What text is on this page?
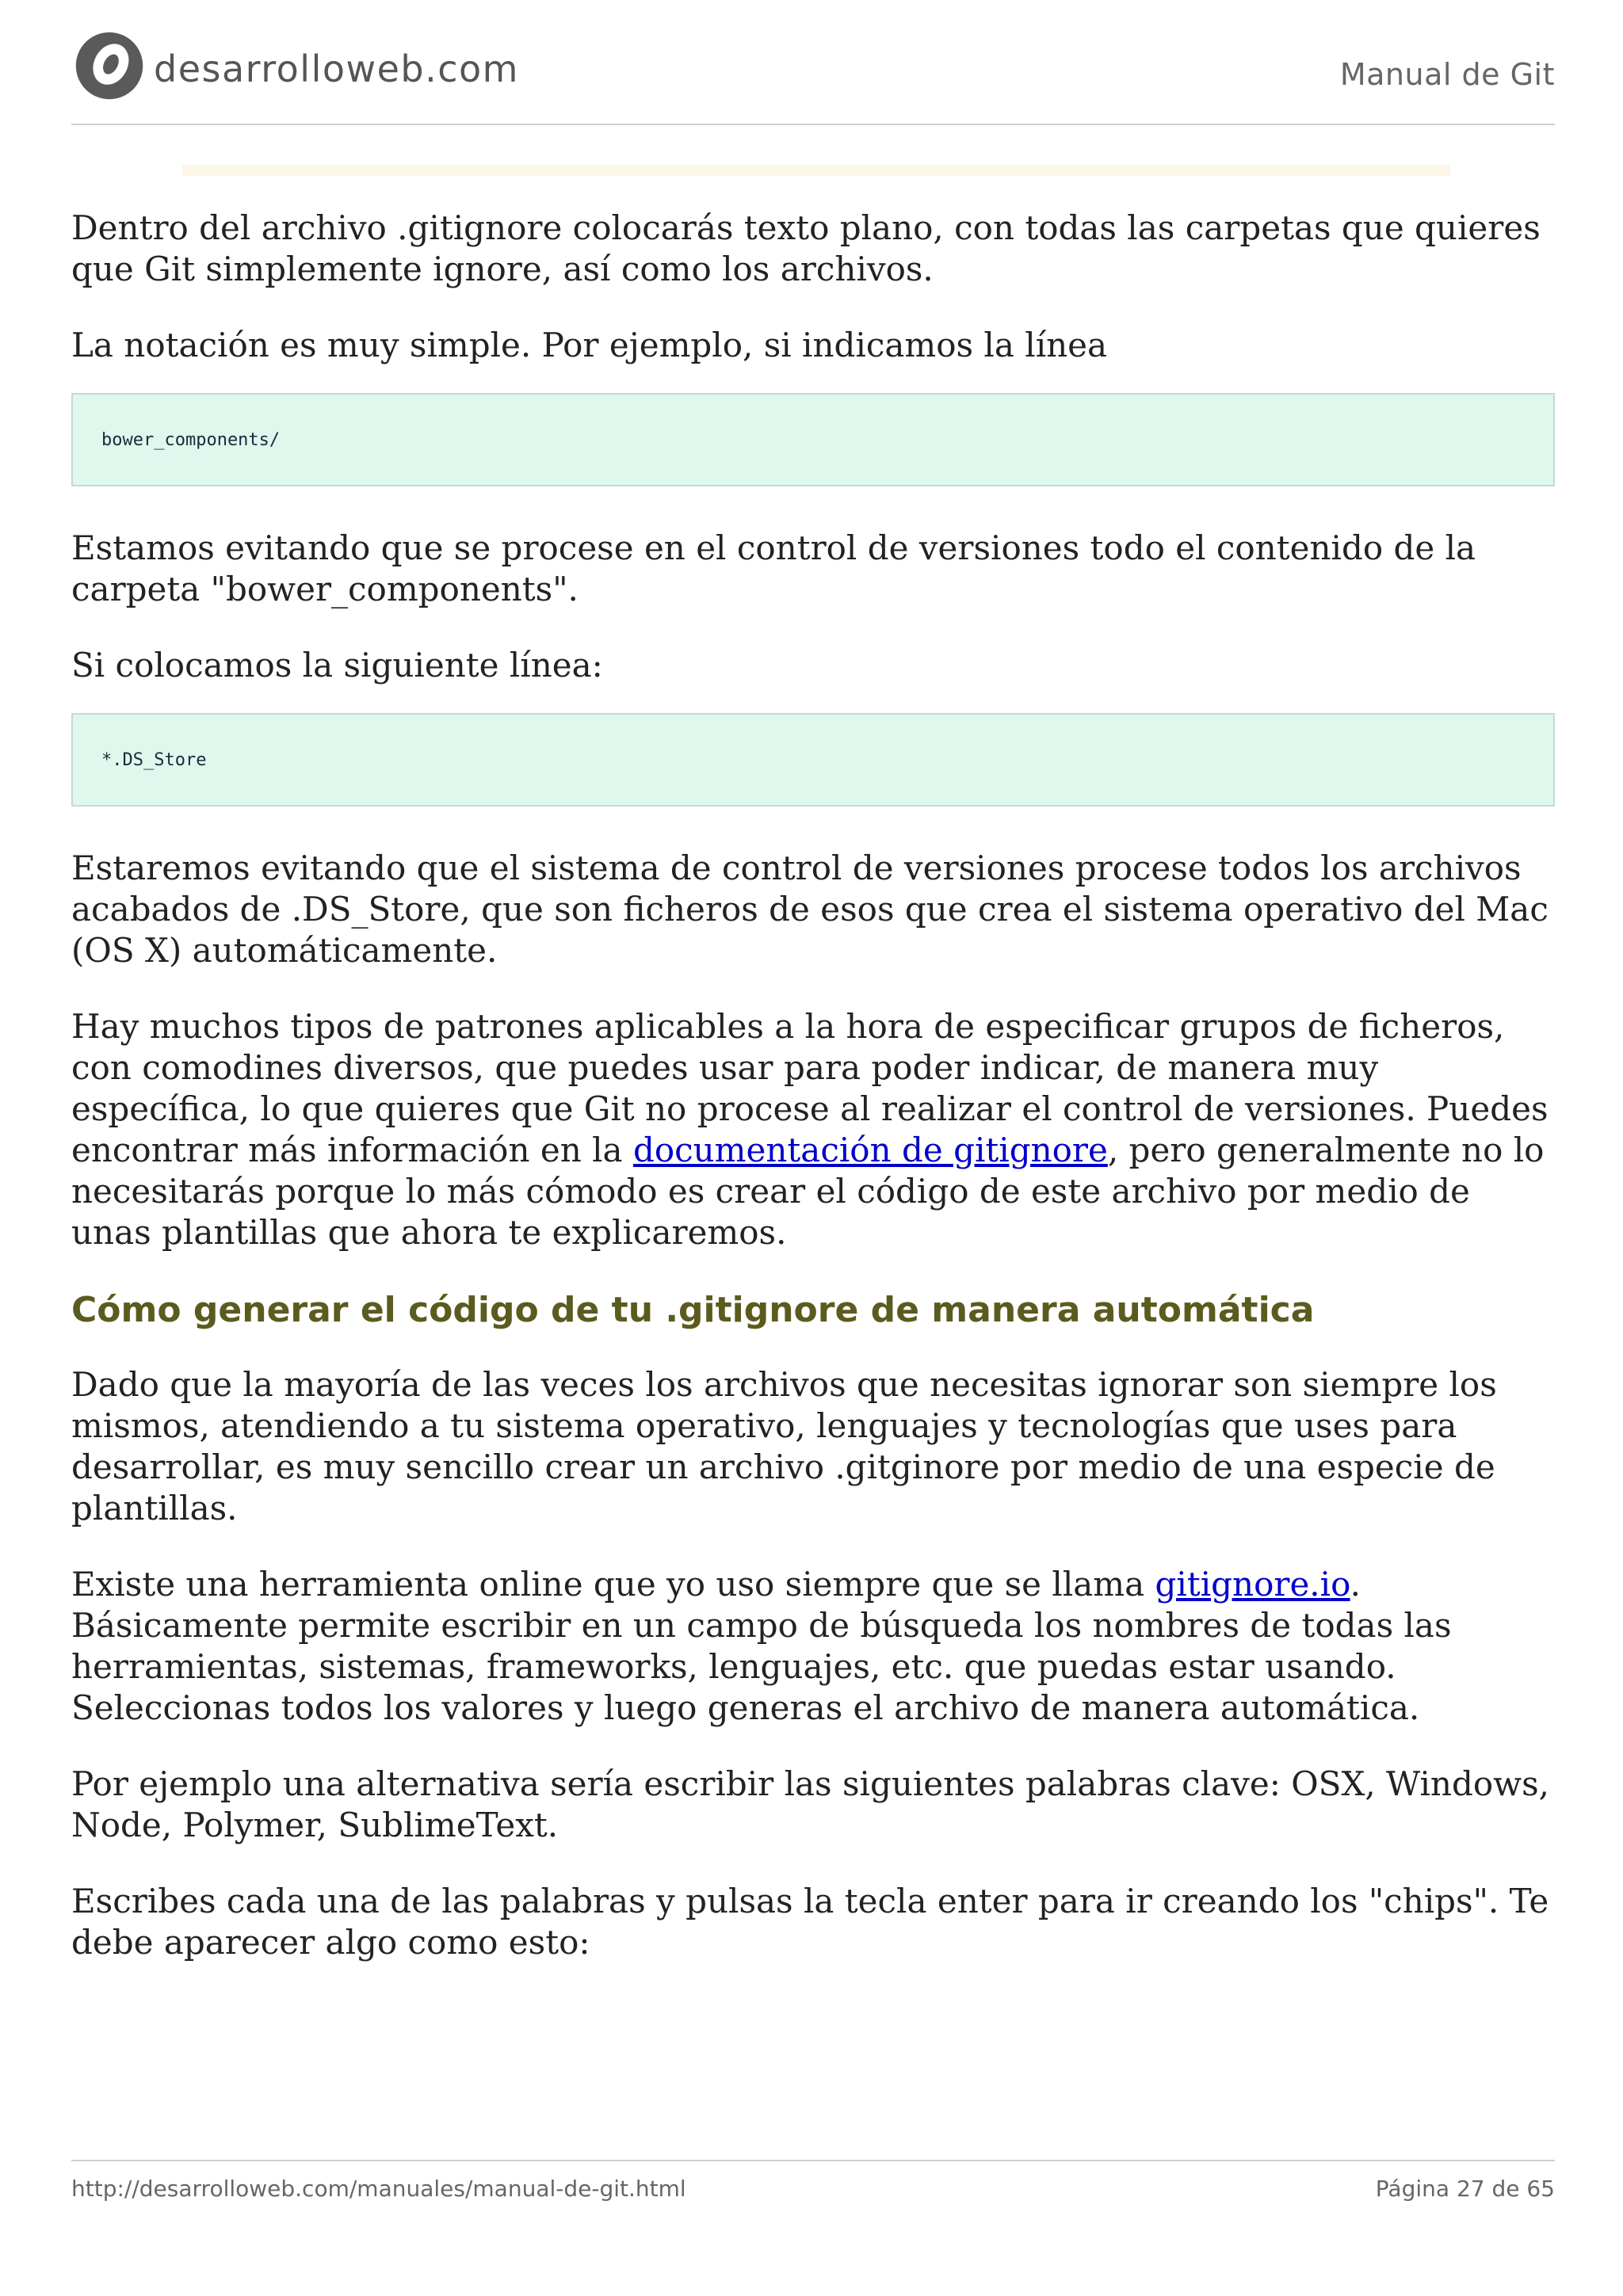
desarrolloweb.com	Manual de Git

Dentro del archivo .gitignore colocarás texto plano, con todas las carpetas que quieres que Git simplemente ignore, así como los archivos.

La notación es muy simple. Por ejemplo, si indicamos la línea

bower_components/

Estamos evitando que se procese en el control de versiones todo el contenido de la carpeta "bower_components".

Si colocamos la siguiente línea:

*.DS_Store

Estaremos evitando que el sistema de control de versiones procese todos los archivos acabados de .DS_Store, que son ficheros de esos que crea el sistema operativo del Mac (OS X) automáticamente.

Hay muchos tipos de patrones aplicables a la hora de especificar grupos de ficheros, con comodines diversos, que puedes usar para poder indicar, de manera muy específica, lo que quieres que Git no procese al realizar el control de versiones. Puedes encontrar más información en la documentación de gitignore, pero generalmente no lo necesitarás porque lo más cómodo es crear el código de este archivo por medio de unas plantillas que ahora te explicaremos.

Cómo generar el código de tu .gitignore de manera automática

Dado que la mayoría de las veces los archivos que necesitas ignorar son siempre los mismos, atendiendo a tu sistema operativo, lenguajes y tecnologías que uses para desarrollar, es muy sencillo crear un archivo .gitginore por medio de una especie de plantillas.

Existe una herramienta online que yo uso siempre que se llama gitignore.io. Básicamente permite escribir en un campo de búsqueda los nombres de todas las herramientas, sistemas, frameworks, lenguajes, etc. que puedas estar usando. Seleccionas todos los valores y luego generas el archivo de manera automática.

Por ejemplo una alternativa sería escribir las siguientes palabras clave: OSX, Windows, Node, Polymer, SublimeText.

Escribes cada una de las palabras y pulsas la tecla enter para ir creando los "chips". Te debe aparecer algo como esto:

http://desarrolloweb.com/manuales/manual-de-git.html	Página 27 de 65
